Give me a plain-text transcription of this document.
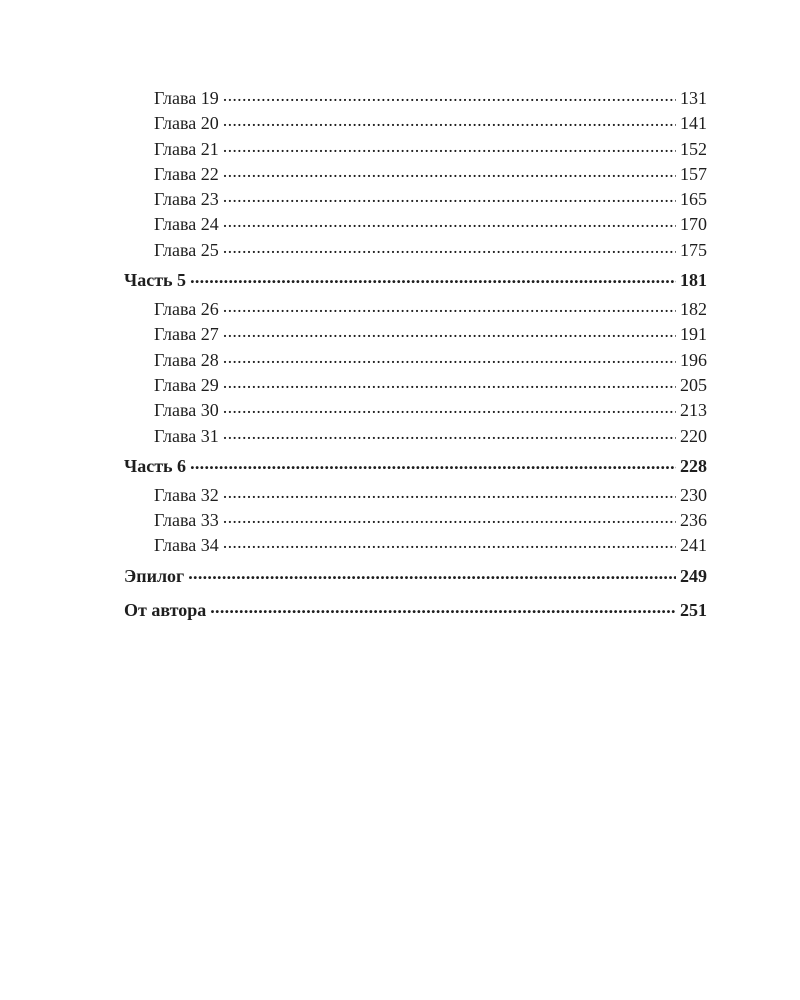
Глава 19 . . .	131
Глава 20 . . .	141
Глава 21 . . .	152
Глава 22 . . .	157
Глава 23 . . .	165
Глава 24 . . .	170
Глава 25 . . .	175
Часть 5 . . .	181
Глава 26 . . .	182
Глава 27 . . .	191
Глава 28 . . .	196
Глава 29 . . .	205
Глава 30 . . .	213
Глава 31 . . .	220
Часть 6 . . .	228
Глава 32 . . .	230
Глава 33 . . .	236
Глава 34 . . .	241
Эпилог . . .	249
От автора . . .	251
